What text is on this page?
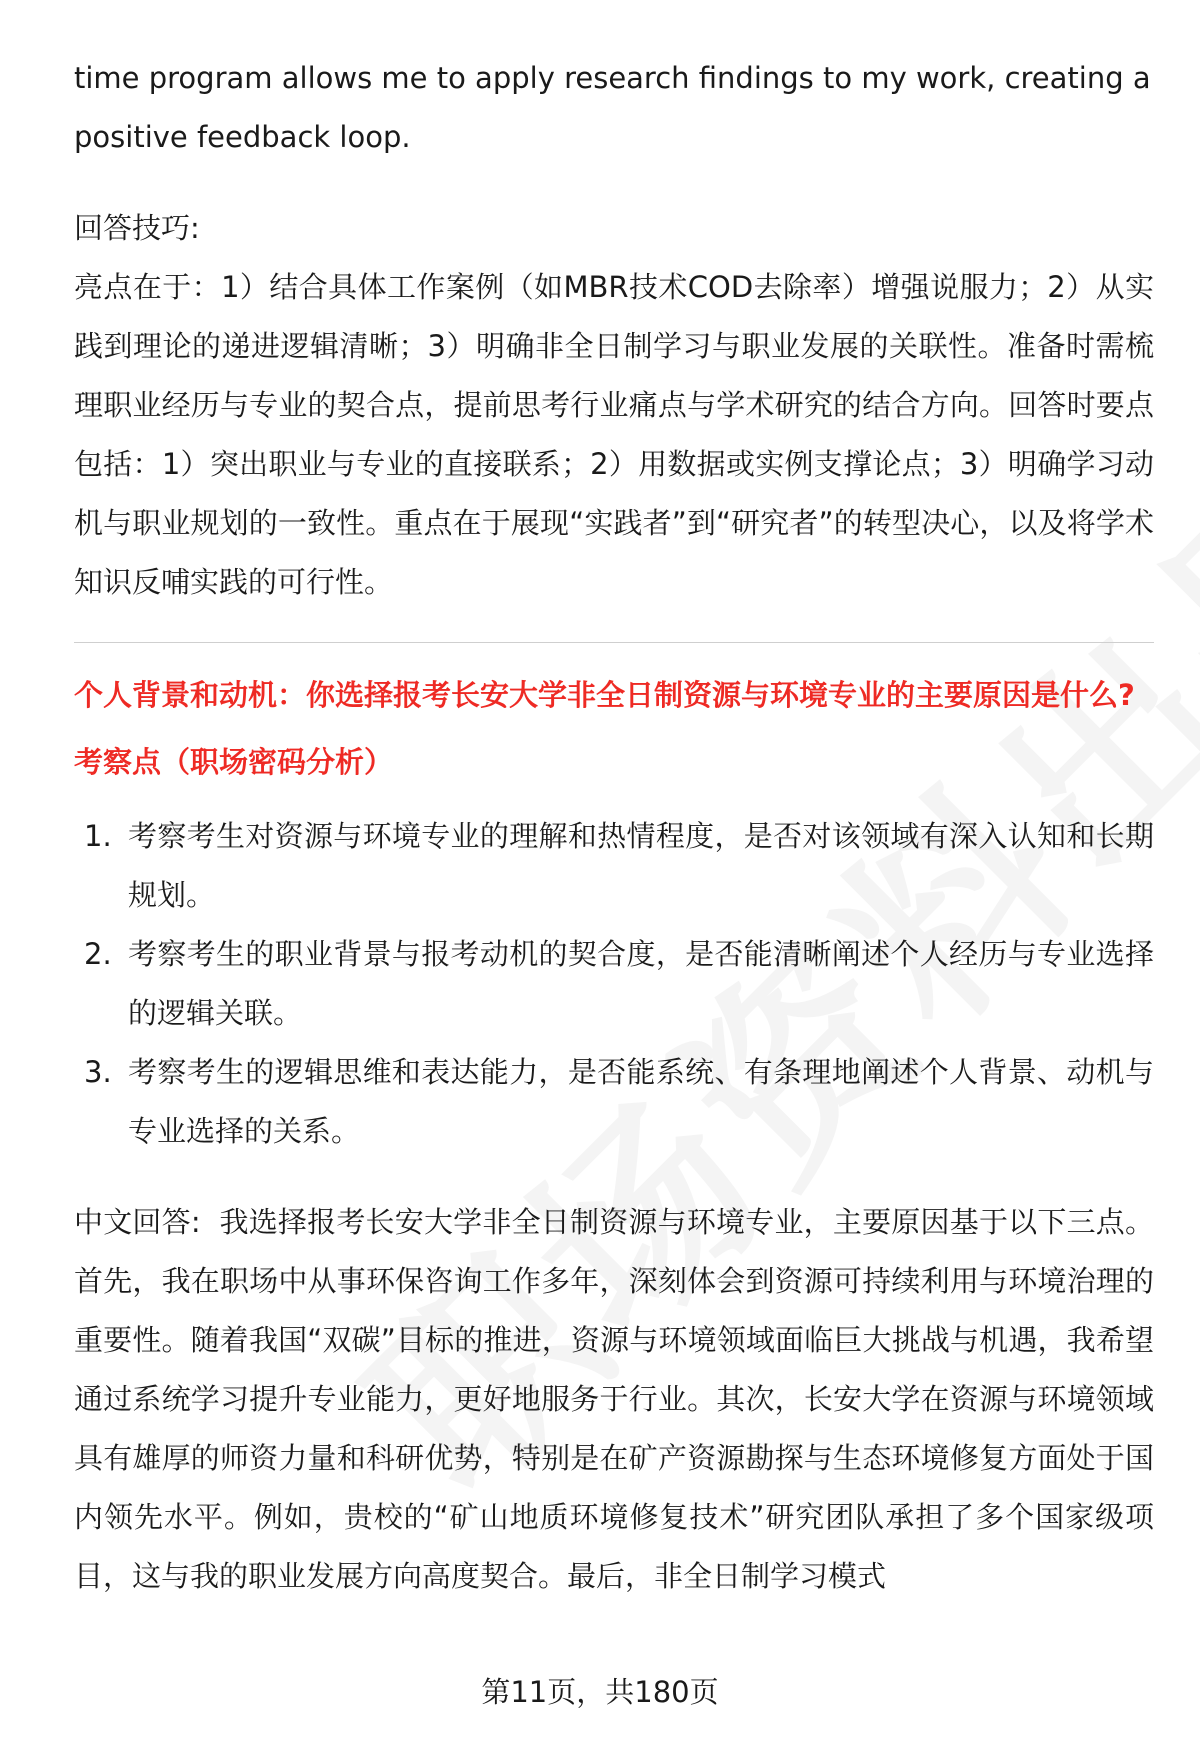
time program allows me to apply research findings to my work, creating a positive feedback loop.

回答技巧:

亮点在于：1）结合具体工作案例（如MBR技术COD去除率）增强说服力；2）从实践到理论的递进逻辑清晰；3）明确非全日制学习与职业发展的关联性。准备时需梳理职业经历与专业的契合点，提前思考行业痛点与学术研究的结合方向。回答时要点包括：1）突出职业与专业的直接联系；2）用数据或实例支撑论点；3）明确学习动机与职业规划的一致性。重点在于展现“实践者”到“研究者”的转型决心，以及将学术知识反哺实践的可行性。

个人背景和动机：你选择报考长安大学非全日制资源与环境专业的主要原因是什么?

考察点（职场密码分析）

1. 考察考生对资源与环境专业的理解和热情程度，是否对该领域有深入认知和长期规划。
2. 考察考生的职业背景与报考动机的契合度，是否能清晰阐述个人经历与专业选择的逻辑关联。
3. 考察考生的逻辑思维和表达能力，是否能系统、有条理地阐述个人背景、动机与专业选择的关系。

中文回答: 我选择报考长安大学非全日制资源与环境专业，主要原因基于以下三点。首先，我在职场中从事环保咨询工作多年，深刻体会到资源可持续利用与环境治理的重要性。随着我国“双碳”目标的推进，资源与环境领域面临巨大挑战与机遇，我希望通过系统学习提升专业能力，更好地服务于行业。其次，长安大学在资源与环境领域具有雄厚的师资力量和科研优势，特别是在矿产资源勘探与生态环境修复方面处于国内领先水平。例如，贵校的“矿山地质环境修复技术”研究团队承担了多个国家级项目，这与我的职业发展方向高度契合。最后，非全日制学习模式

第11页，共180页
